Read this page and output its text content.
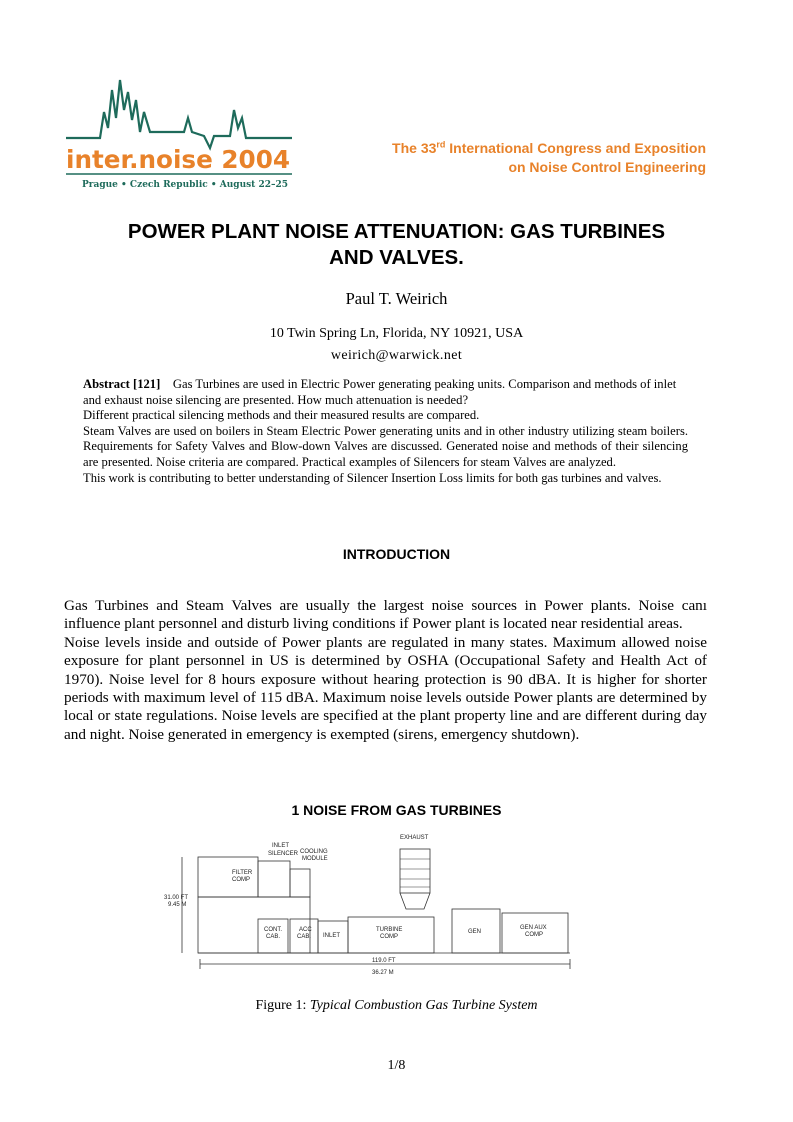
inter.noise 2004
Prague • Czech Republic • August 22–25
The 33rd International Congress and Exposition
on Noise Control Engineering
POWER PLANT NOISE ATTENUATION: GAS TURBINES
AND VALVES.
Paul T. Weirich
10 Twin Spring Ln, Florida, NY 10921, USA
weirich@warwick.net

Abstract [121] Gas Turbines are used in Electric Power generating peaking units. Comparison and methods of inlet and exhaust noise silencing are presented. How much attenuation is needed?

Different practical silencing methods and their measured results are compared.

Steam Valves are used on boilers in Steam Electric Power generating units and in other industry utilizing steam boilers. Requirements for Safety Valves and Blow-down Valves are discussed. Generated noise and methods of their silencing are presented. Noise criteria are compared. Practical examples of Silencers for steam Valves are analyzed.

This work is contributing to better understanding of Silencer Insertion Loss limits for both gas turbines and valves.

INTRODUCTION

Gas Turbines and Steam Valves are usually the largest noise sources in Power plants. Noise canı influence plant personnel and disturb living conditions if Power plant is located near residential areas.

Noise levels inside and outside of Power plants are regulated in many states. Maximum allowed noise exposure for plant personnel in US is determined by OSHA (Occupational Safety and Health Act of 1970). Noise level for 8 hours exposure without hearing protection is 90 dBA. It is higher for shorter periods with maximum level of 115 dBA. Maximum noise levels outside Power plants are determined by local or state regulations. Noise levels are specified at the plant property line and are different during day and night. Noise generated in emergency is exempted (sirens, emergency shutdown).

1 NOISE FROM GAS TURBINES
INLET
SILENCER COOLING
MODULE
EXHAUST
FILTER
COMP
31.00 FT
9.45 M
CONT.
CAB.
ACC
CAB. INLET
TURBINE
COMP
GEN
GEN AUX
COMP
119.0 FT
36.27 M
Figure 1: Typical Combustion Gas Turbine System
1/8
